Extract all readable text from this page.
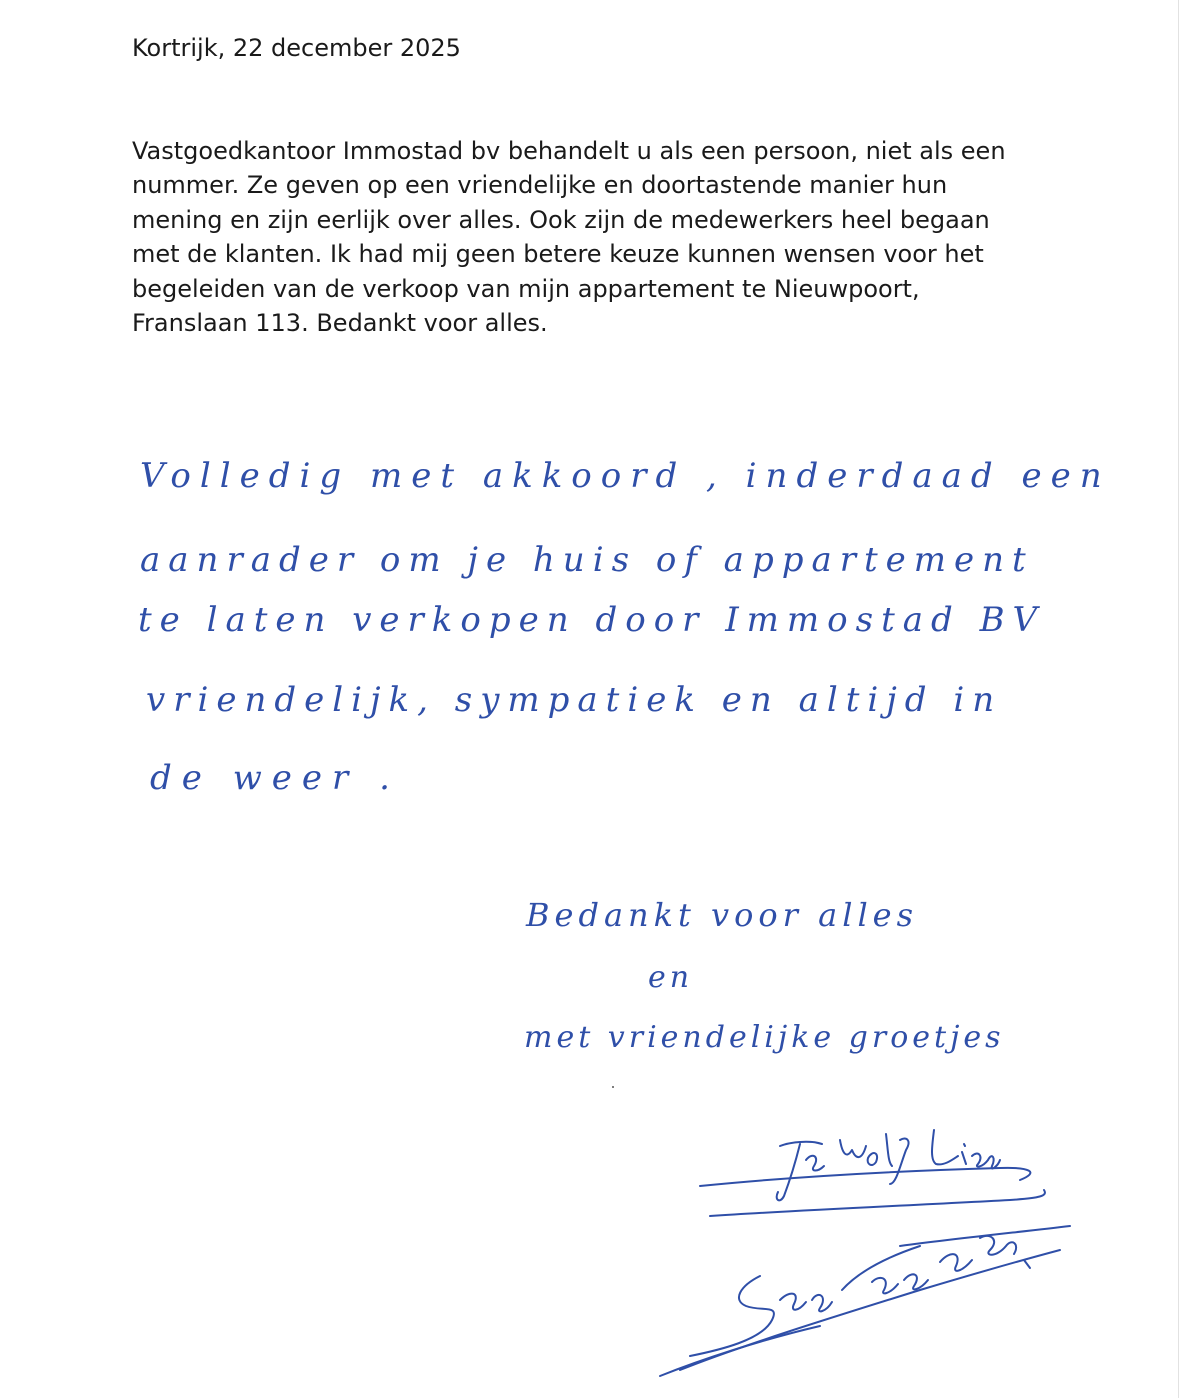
Kortrijk, 22 december 2025
Vastgoedkantoor Immostad bv behandelt u als een persoon, niet als een
nummer. Ze geven op een vriendelijke en doortastende manier hun
mening en zijn eerlijk over alles. Ook zijn de medewerkers heel begaan
met de klanten. Ik had mij geen betere keuze kunnen wensen voor het
begeleiden van de verkoop van mijn appartement te Nieuwpoort,
Franslaan 113. Bedankt voor alles.
Volledig met akkoord , inderdaad een
aanrader om je huis of appartement
te laten verkopen door Immostad BV
vriendelijk, sympatiek en altijd in
de weer .
Bedankt voor alles
en
met vriendelijke groetjes
